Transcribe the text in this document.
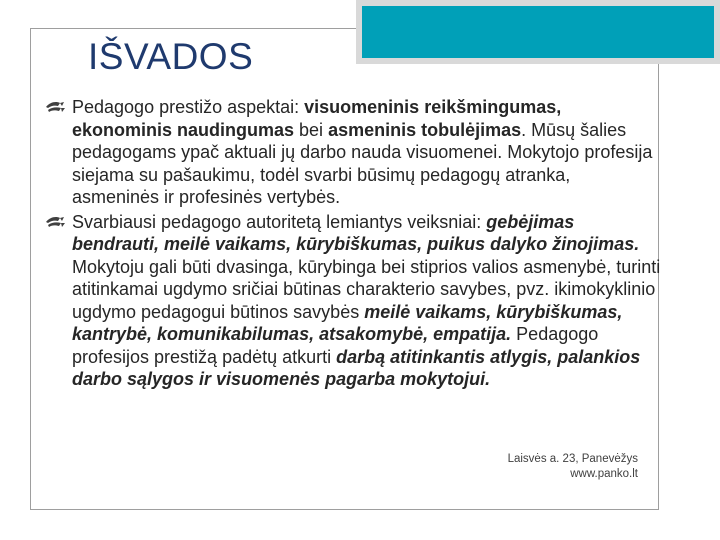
IŠVADOS

Pedagogo prestižo aspektai: visuomeninis reikšmingumas, ekonominis naudingumas bei asmeninis tobulėjimas. Mūsų šalies pedagogams ypač aktuali jų darbo nauda visuomenei. Mokytojo profesija siejama su pašaukimu, todėl svarbi būsimų pedagogų atranka, asmeninės ir profesinės vertybės.

Svarbiausi pedagogo autoritetą lemiantys veiksniai: gebėjimas bendrauti, meilė vaikams, kūrybiškumas, puikus dalyko žinojimas. Mokytoju gali būti dvasinga, kūrybinga bei stiprios valios asmenybė, turinti atitinkamai ugdymo sričiai būtinas charakterio savybes, pvz. ikimokyklinio ugdymo pedagogui būtinos savybės meilė vaikams, kūrybiškumas, kantrybė, komunikabilumas, atsakomybė, empatija. Pedagogo profesijos prestižą padėtų atkurti darbą atitinkantis atlygis, palankios darbo sąlygos ir visuomenės pagarba mokytojui.

Laisvės a. 23, Panevėžys
www.panko.lt
